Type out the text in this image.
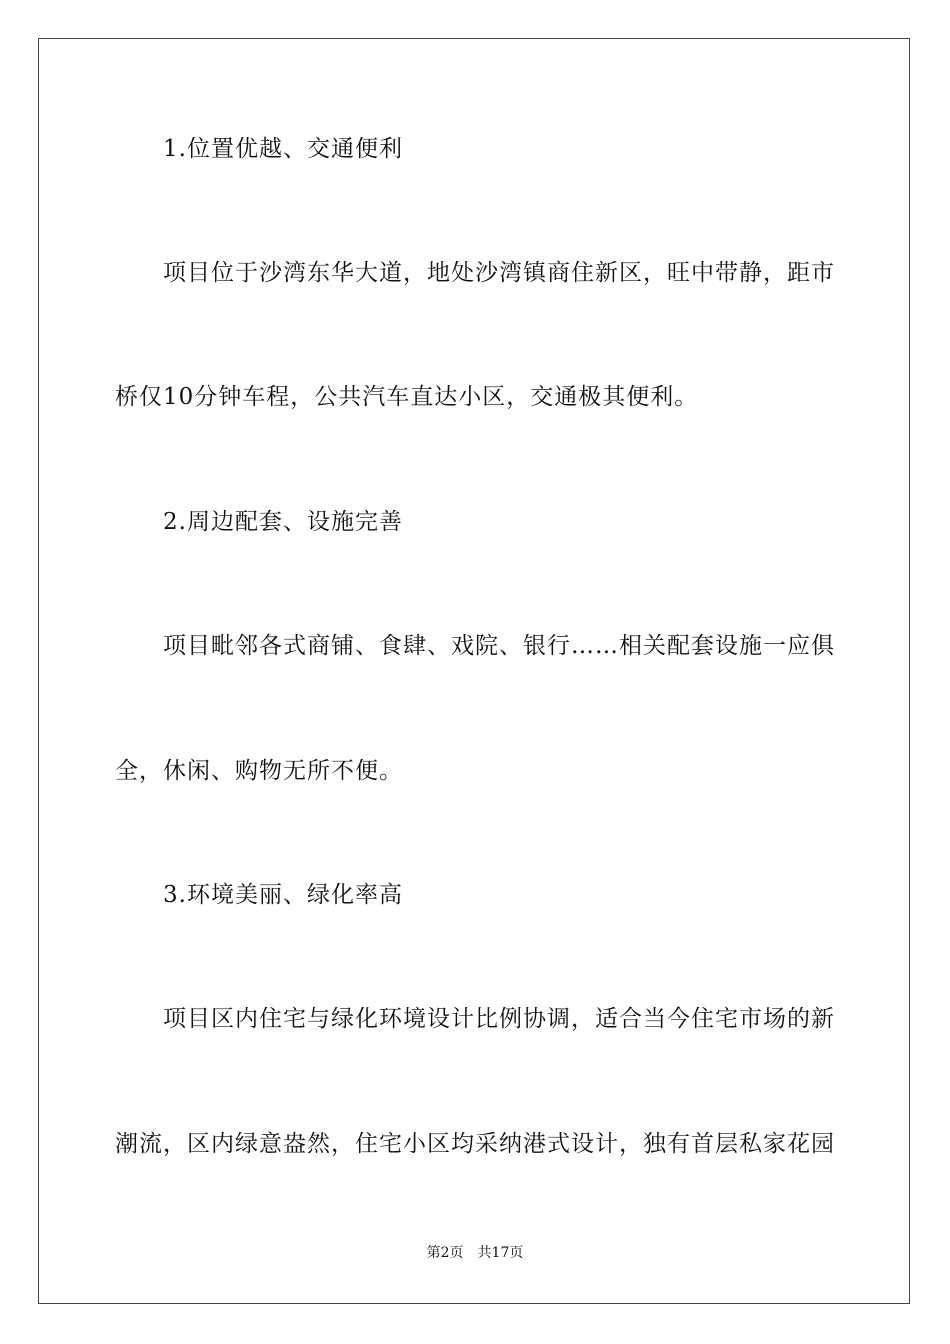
1.位置优越、交通便利
项目位于沙湾东华大道，地处沙湾镇商住新区，旺中带静，距市
桥仅10分钟车程，公共汽车直达小区，交通极其便利。
2.周边配套、设施完善
项目毗邻各式商铺、食肆、戏院、银行……相关配套设施一应俱
全，休闲、购物无所不便。
3.环境美丽、绿化率高
项目区内住宅与绿化环境设计比例协调，适合当今住宅市场的新
潮流，区内绿意盎然，住宅小区均采纳港式设计，独有首层私家花园
第2页 共17页
